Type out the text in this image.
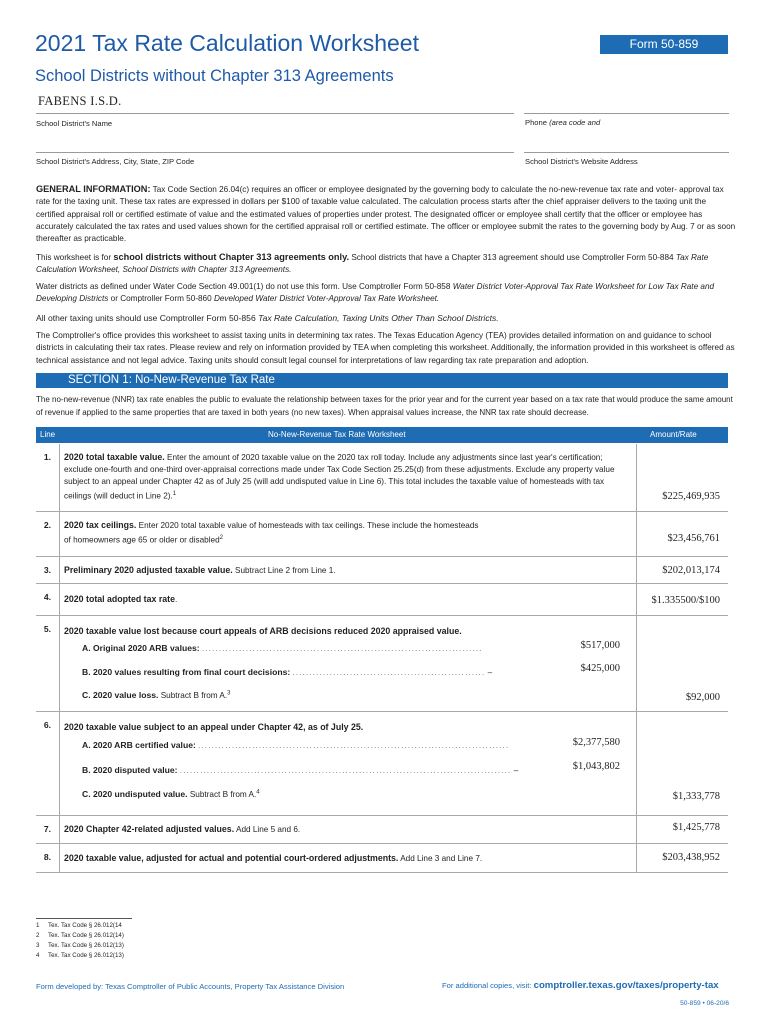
2021 Tax Rate Calculation Worksheet	Form 50-859
School Districts without Chapter 313 Agreements
FABENS I.S.D.
School District's Name	Phone (area code and
School District's Address, City, State, ZIP Code	School District's Website Address
GENERAL INFORMATION: Tax Code Section 26.04(c) requires an officer or employee designated by the governing body to calculate the no-new-revenue tax rate and voter- approval tax rate for the taxing unit. These tax rates are expressed in dollars per $100 of taxable value calculated. The calculation process starts after the chief appraiser delivers to the taxing unit the certified appraisal roll or certified estimate of value and the estimated values of properties under protest. The designated officer or employee shall certify that the officer or employee has accurately calculated the tax rates and used values shown for the certified appraisal roll or certified estimate. The officer or employee submit the rates to the governing body by Aug. 7 or as soon thereafter as practicable.
This worksheet is for school districts without Chapter 313 agreements only. School districts that have a Chapter 313 agreement should use Comptroller Form 50-884 Tax Rate Calculation Worksheet, School Districts with Chapter 313 Agreements.
Water districts as defined under Water Code Section 49.001(1) do not use this form. Use Comptroller Form 50-858 Water District Voter-Approval Tax Rate Worksheet for Low Tax Rate and Developing Districts or Comptroller Form 50-860 Developed Water District Voter-Approval Tax Rate Worksheet.
All other taxing units should use Comptroller Form 50-856 Tax Rate Calculation, Taxing Units Other Than School Districts.
The Comptroller's office provides this worksheet to assist taxing units in determining tax rates. The Texas Education Agency (TEA) provides detailed information on and guidance to school districts in calculating their tax rates. Please review and rely on information provided by TEA when completing this worksheet. Additionally, the information provided in this worksheet is offered as technical assistance and not legal advice. Taxing units should consult legal counsel for interpretations of law regarding tax rate preparation and adoption.
SECTION 1: No-New-Revenue Tax Rate
The no-new-revenue (NNR) tax rate enables the public to evaluate the relationship between taxes for the prior year and for the current year based on a tax rate that would produce the same amount of revenue if applied to the same properties that are taxed in both years (no new taxes). When appraisal values increase, the NNR tax rate should decrease.
Line	No-New-Revenue Tax Rate Worksheet	Amount/Rate
1.	2020 total taxable value. Enter the amount of 2020 taxable value on the 2020 tax roll today. Include any adjustments since last year's certification; exclude one-fourth and one-third over-appraisal corrections made under Tax Code Section 25.25(d) from these adjustments. Exclude any property value subject to an appeal under Chapter 42 as of July 25 (will add undisputed value in Line 6). This total includes the taxable value of homesteads with tax ceilings (will deduct in Line 2).$^1$	$225,469,935
2.	2020 tax ceilings. Enter 2020 total taxable value of homesteads with tax ceilings. These include the homesteads of homeowners age 65 or older or disabled$^2$	$23,456,761
3.	Preliminary 2020 adjusted taxable value. Subtract Line 2 from Line 1.	$202,013,174
4.	2020 total adopted tax rate.	$1.335500/$100
5.	2020 taxable value lost because court appeals of ARB decisions reduced 2020 appraised value.
A. Original 2020 ARB values: ...................................................................................	$517,000
B. 2020 values resulting from final court decisions: ......................................................... –	$425,000
C. 2020 value loss. Subtract B from A.$^3$	$92,000
6.	2020 taxable value subject to an appeal under Chapter 42, as of July 25.
A. 2020 ARB certified value: ............................................................................................	$2,377,580
B. 2020 disputed value: .................................................................................................. –	$1,043,802
C. 2020 undisputed value. Subtract B from A.$^4$	$1,333,778
7.	2020 Chapter 42-related adjusted values. Add Line 5 and 6.	$1,425,778
8.	2020 taxable value, adjusted for actual and potential court-ordered adjustments. Add Line 3 and Line 7.	$203,438,952
1 Tex. Tax Code § 26.012(14
2 Tex. Tax Code § 26.012(14)
3 Tex. Tax Code § 26.012(13)
4 Tex. Tax Code § 26.012(13)
Form developed by: Texas Comptroller of Public Accounts, Property Tax Assistance Division	For additional copies, visit: comptroller.texas.gov/taxes/property-tax
50-859 • 06-20/6
